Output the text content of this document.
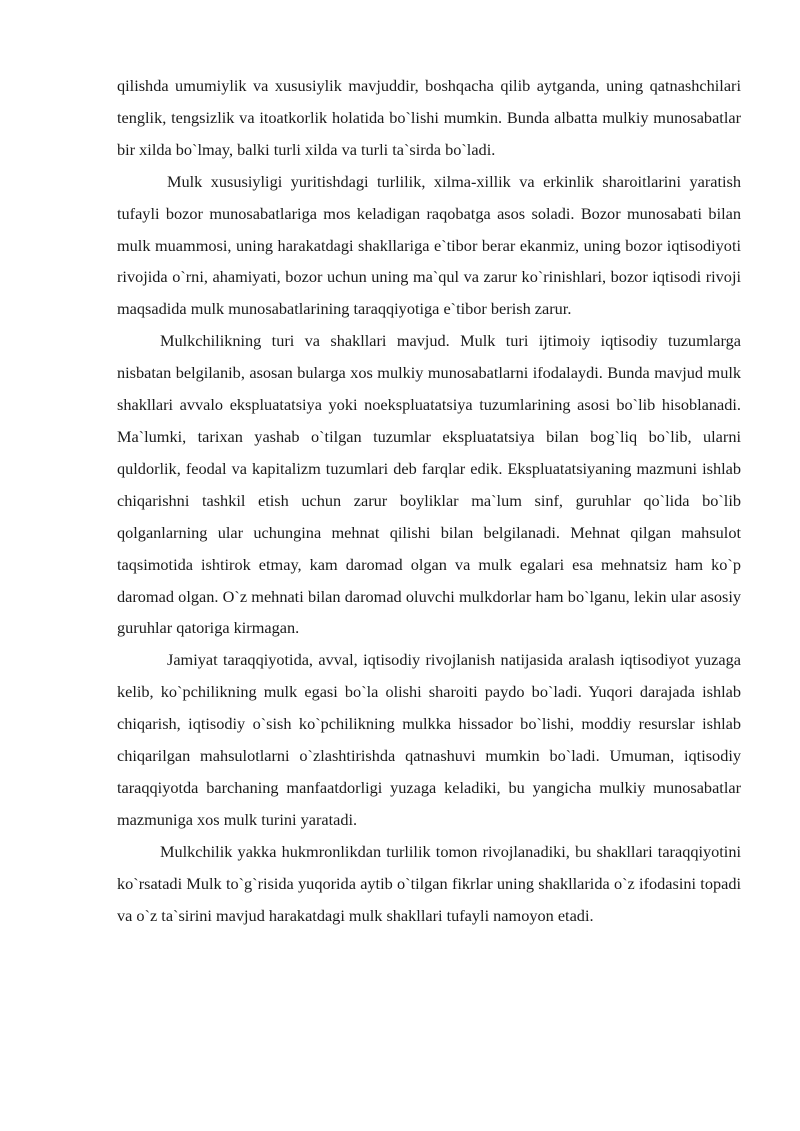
qilishda umumiylik va xususiylik mavjuddir, boshqacha qilib aytganda, uning qatnashchilari tenglik, tengsizlik va itoatkorlik holatida bo`lishi mumkin. Bunda albatta mulkiy munosabatlar bir xilda bo`lmay, balki turli xilda va turli ta`sirda bo`ladi.

Mulk xususiyligi yuritishdagi turlilik, xilma-xillik va erkinlik sharoitlarini yaratish tufayli bozor munosabatlariga mos keladigan raqobatga asos soladi. Bozor munosabati bilan mulk muammosi, uning harakatdagi shakllariga e`tibor berar ekanmiz, uning bozor iqtisodiyoti rivojida o`rni, ahamiyati, bozor uchun uning ma`qul va zarur ko`rinishlari, bozor iqtisodi rivoji maqsadida mulk munosabatlarining taraqqiyotiga e`tibor berish zarur.

Mulkchilikning turi va shakllari mavjud. Mulk turi ijtimoiy iqtisodiy tuzumlarga nisbatan belgilanib, asosan bularga xos mulkiy munosabatlarni ifodalaydi. Bunda mavjud mulk shakllari avvalo ekspluatatsiya yoki noekspluatatsiya tuzumlarining asosi bo`lib hisoblanadi. Ma`lumki, tarixan yashab o`tilgan tuzumlar ekspluatatsiya bilan bog`liq bo`lib, ularni quldorlik, feodal va kapitalizm tuzumlari deb farqlar edik. Ekspluatatsiyaning mazmuni ishlab chiqarishni tashkil etish uchun zarur boyliklar ma`lum sinf, guruhlar qo`lida bo`lib qolganlarning ular uchungina mehnat qilishi bilan belgilanadi. Mehnat qilgan mahsulot taqsimotida ishtirok etmay, kam daromad olgan va mulk egalari esa mehnatsiz ham ko`p daromad olgan. O`z mehnati bilan daromad oluvchi mulkdorlar ham bo`lganu, lekin ular asosiy guruhlar qatoriga kirmagan.

Jamiyat taraqqiyotida, avval, iqtisodiy rivojlanish natijasida aralash iqtisodiyot yuzaga kelib, ko`pchilikning mulk egasi bo`la olishi sharoiti paydo bo`ladi. Yuqori darajada ishlab chiqarish, iqtisodiy o`sish ko`pchilikning mulkka hissador bo`lishi, moddiy resurslar ishlab chiqarilgan mahsulotlarni o`zlashtirishda qatnashuvi mumkin bo`ladi. Umuman, iqtisodiy taraqqiyotda barchaning manfaatdorligi yuzaga keladiki, bu yangicha mulkiy munosabatlar mazmuniga xos mulk turini yaratadi.

Mulkchilik yakka hukmronlikdan turlilik tomon rivojlanadiki, bu shakllari taraqqiyotini ko`rsatadi Mulk to`g`risida yuqorida aytib o`tilgan fikrlar uning shakllarida o`z ifodasini topadi va o`z ta`sirini mavjud harakatdagi mulk shakllari tufayli namoyon etadi.
